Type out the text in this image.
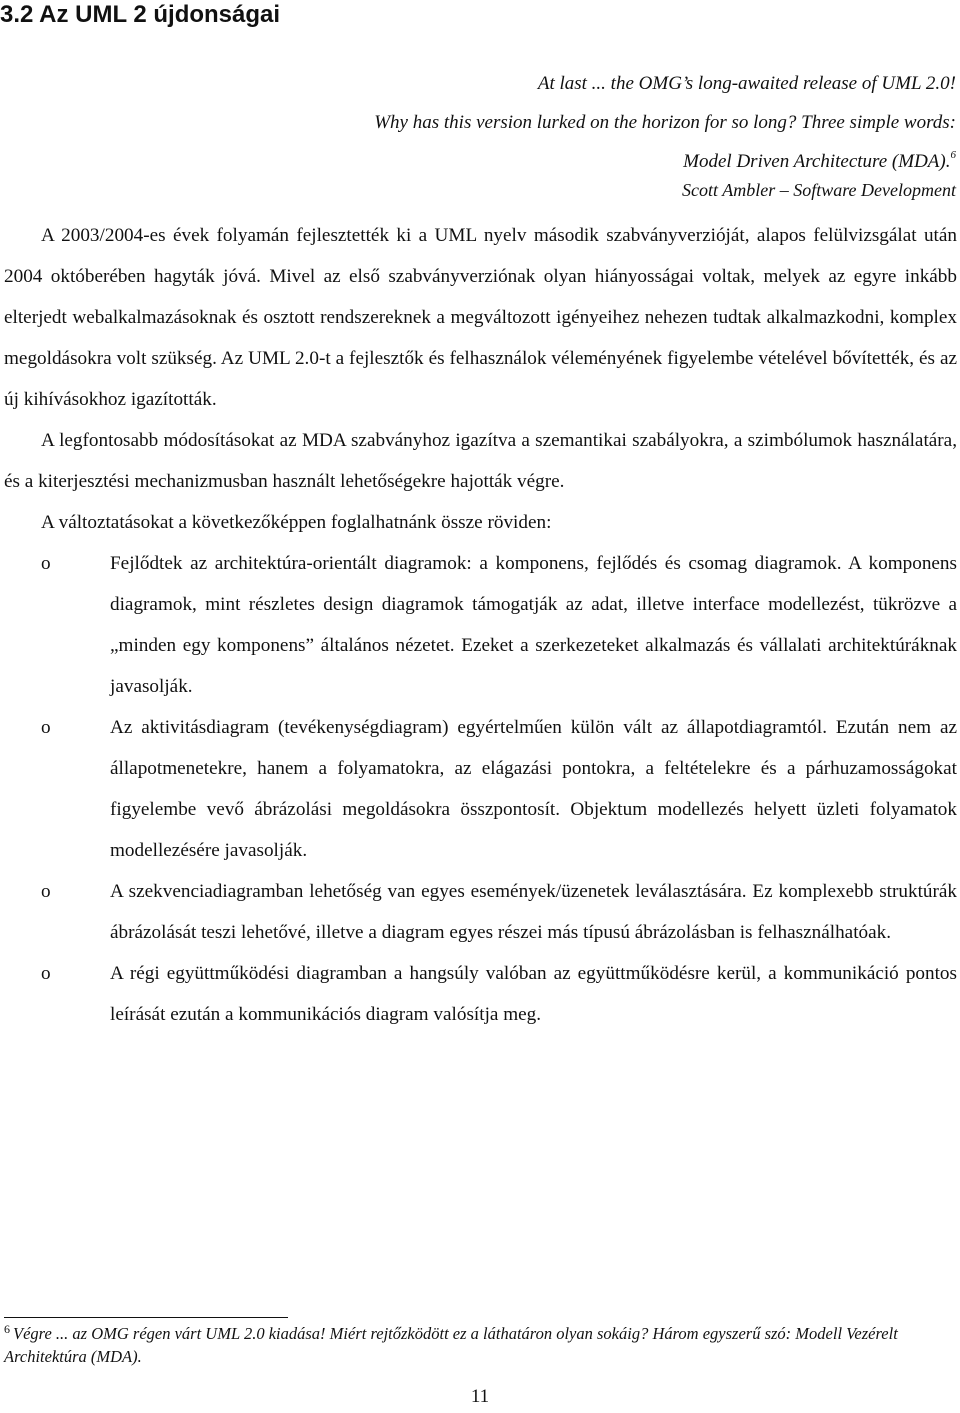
3.2 Az UML 2 újdonságai
At last ... the OMG’s long-awaited release of UML 2.0!
Why has this version lurked on the horizon for so long? Three simple words:
Model Driven Architecture (MDA).$^6$
Scott Ambler – Software Development

A 2003/2004-es évek folyamán fejlesztették ki a UML nyelv második szabványverzióját, alapos felülvizsgálat után 2004 októberében hagyták jóvá. Mivel az első szabványverziónak olyan hiányosságai voltak, melyek az egyre inkább elterjedt webalkalmazásoknak és osztott rendszereknek a megváltozott igényeihez nehezen tudtak alkalmazkodni, komplex megoldásokra volt szükség. Az UML 2.0-t a fejlesztők és felhasználok véleményének figyelembe vételével bővítették, és az új kihívásokhoz igazították.

A legfontosabb módosításokat az MDA szabványhoz igazítva a szemantikai szabályokra, a szimbólumok használatára, és a kiterjesztési mechanizmusban használt lehetőségekre hajották végre.

A változtatásokat a következőképpen foglalhatnánk össze röviden:

o	Fejlődtek az architektúra-orientált diagramok: a komponens, fejlődés és csomag diagramok. A komponens diagramok, mint részletes design diagramok támogatják az adat, illetve interface modellezést, tükrözve a „minden egy komponens” általános nézetet. Ezeket a szerkezeteket alkalmazás és vállalati architektúráknak javasolják.
o	Az aktivitásdiagram (tevékenységdiagram) egyértelműen külön vált az állapotdiagramtól. Ezután nem az állapotmenetekre, hanem a folyamatokra, az elágazási pontokra, a feltételekre és a párhuzamosságokat figyelembe vevő ábrázolási megoldásokra összpontosít. Objektum modellezés helyett üzleti folyamatok modellezésére javasolják.
o	A szekvenciadiagramban lehetőség van egyes események/üzenetek leválasztására. Ez komplexebb struktúrák ábrázolását teszi lehetővé, illetve a diagram egyes részei más típusú ábrázolásban is felhasználhatóak.
o	A régi együttműködési diagramban a hangsúly valóban az együttműködésre kerül, a kommunikáció pontos leírását ezután a kommunikációs diagram valósítja meg.
$^6$ Végre ... az OMG régen várt UML 2.0 kiadása! Miért rejtőzködött ez a láthatáron olyan sokáig? Három egyszerű szó: Modell Vezérelt Architektúra (MDA).
11
